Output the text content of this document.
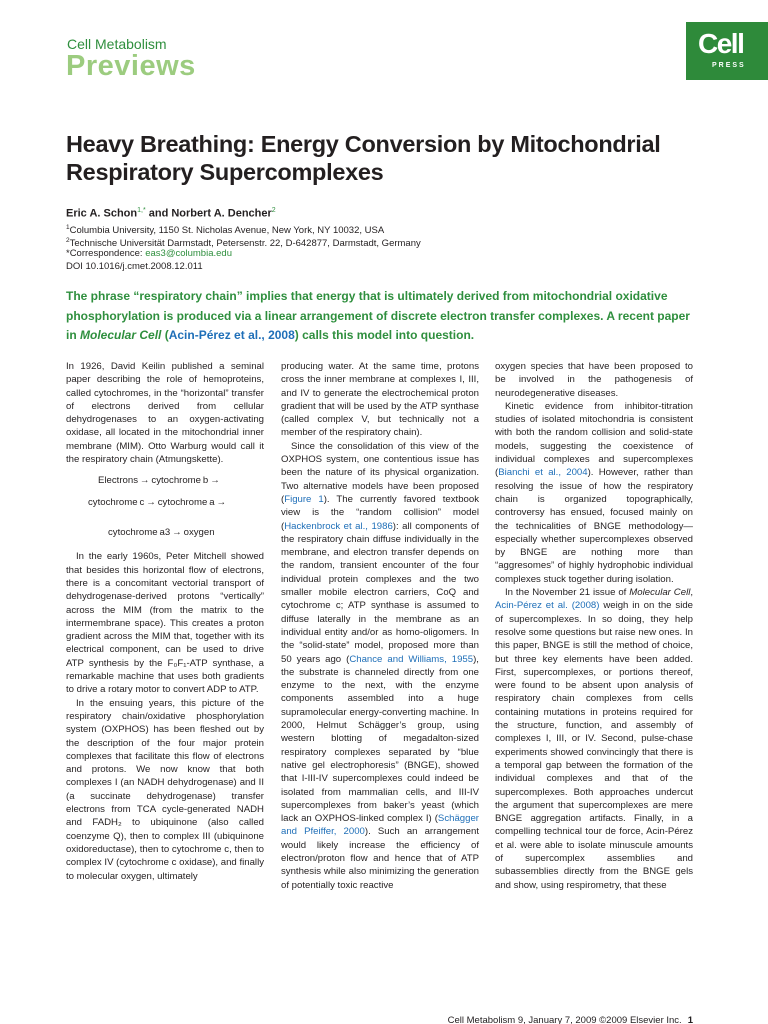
Cell Metabolism
Previews
Cell
PRESS
Heavy Breathing: Energy Conversion by Mitochondrial Respiratory Supercomplexes
Eric A. Schon$^{1,*}$ and Norbert A. Dencher$^2$
$^1$Columbia University, 1150 St. Nicholas Avenue, New York, NY 10032, USA
$^2$Technische Universität Darmstadt, Petersenstr. 22, D-642877, Darmstadt, Germany
*Correspondence: eas3@columbia.edu
DOI 10.1016/j.cmet.2008.12.011
The phrase “respiratory chain” implies that energy that is ultimately derived from mitochondrial oxidative phosphorylation is produced via a linear arrangement of discrete electron transfer complexes. A recent paper in Molecular Cell (Acin-Pérez et al., 2008) calls this model into question.

In 1926, David Keilin published a seminal paper describing the role of hemoproteins, called cytochromes, in the “horizontal” transfer of electrons derived from cellular dehydrogenases to an oxygen-activating oxidase, all located in the mitochondrial inner membrane (MIM). Otto Warburg would call it the respiratory chain (Atmungskette).

Electrons → cytochrome b →
cytochrome c → cytochrome a →
cytochrome a3 → oxygen

In the early 1960s, Peter Mitchell showed that besides this horizontal flow of electrons, there is a concomitant vectorial transport of dehydrogenase-derived protons “vertically” across the MIM (from the matrix to the intermembrane space). This creates a proton gradient across the MIM that, together with its electrical component, can be used to drive ATP synthesis by the F₀F₁-ATP synthase, a remarkable machine that uses both gradients to drive a rotary motor to convert ADP to ATP.

In the ensuing years, this picture of the respiratory chain/oxidative phosphorylation system (OXPHOS) has been fleshed out by the description of the four major protein complexes that facilitate this flow of electrons and protons. We now know that both complexes I (an NADH dehydrogenase) and II (a succinate dehydrogenase) transfer electrons from TCA cycle-generated NADH and FADH₂ to ubiquinone (also called coenzyme Q), then to complex III (ubiquinone oxidoreductase), then to cytochrome c, then to complex IV (cytochrome c oxidase), and finally to molecular oxygen, ultimately

producing water. At the same time, protons cross the inner membrane at complexes I, III, and IV to generate the electrochemical proton gradient that will be used by the ATP synthase (called complex V, but technically not a member of the respiratory chain).

Since the consolidation of this view of the OXPHOS system, one contentious issue has been the nature of its physical organization. Two alternative models have been proposed (Figure 1). The currently favored textbook view is the “random collision” model (Hackenbrock et al., 1986): all components of the respiratory chain diffuse individually in the membrane, and electron transfer depends on the random, transient encounter of the four individual protein complexes and the two smaller mobile electron carriers, CoQ and cytochrome c; ATP synthase is assumed to diffuse laterally in the membrane as an individual entity and/or as homo-oligomers. In the “solid-state” model, proposed more than 50 years ago (Chance and Williams, 1955), the substrate is channeled directly from one enzyme to the next, with the enzyme components assembled into a huge supramolecular energy-converting machine. In 2000, Helmut Schägger’s group, using western blotting of megadalton-sized respiratory complexes separated by “blue native gel electrophoresis” (BNGE), showed that I-III-IV supercomplexes could indeed be isolated from mammalian cells, and III-IV supercomplexes from baker’s yeast (which lack an OXPHOS-linked complex I) (Schägger and Pfeiffer, 2000). Such an arrangement would likely increase the efficiency of electron/proton flow and hence that of ATP synthesis while also minimizing the generation of potentially toxic reactive

oxygen species that have been proposed to be involved in the pathogenesis of neurodegenerative diseases.

Kinetic evidence from inhibitor-titration studies of isolated mitochondria is consistent with both the random collision and solid-state models, suggesting the coexistence of individual complexes and supercomplexes (Bianchi et al., 2004). However, rather than resolving the issue of how the respiratory chain is organized topographically, controversy has ensued, focused mainly on the technicalities of BNGE methodology—especially whether supercomplexes observed by BNGE are nothing more than “aggresomes” of highly hydrophobic individual complexes stuck together during isolation.

In the November 21 issue of Molecular Cell, Acin-Pérez et al. (2008) weigh in on the side of supercomplexes. In so doing, they help resolve some questions but raise new ones. In this paper, BNGE is still the method of choice, but three key elements have been added. First, supercomplexes, or portions thereof, were found to be absent upon analysis of respiratory chain complexes from cells containing mutations in proteins required for the structure, function, and assembly of complexes I, III, or IV. Second, pulse-chase experiments showed convincingly that there is a temporal gap between the formation of the individual complexes and that of the supercomplexes. Both approaches undercut the argument that supercomplexes are mere BNGE aggregation artifacts. Finally, in a compelling technical tour de force, Acin-Pérez et al. were able to isolate minuscule amounts of supercomplex assemblies and subassemblies directly from the BNGE gels and show, using respirometry, that these

Cell Metabolism 9, January 7, 2009 ©2009 Elsevier Inc. 1
